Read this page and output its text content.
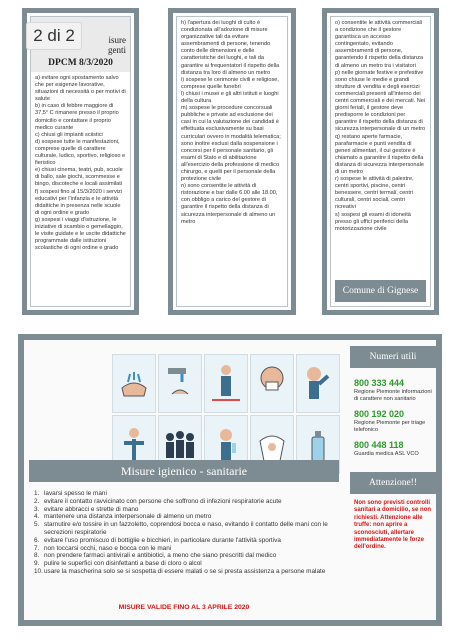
2 di 2	isure
genti
DPCM 8/3/2020
a) evitare ogni spostamento salvo che per esigenze lavorative, situazioni di necessità o per motivi di salute
b) in caso di febbre maggiore di 37,5° C rimanere presso il proprio domicilio e contattare il proprio medico curante
c) chiusi gli impianti sciistici
d) sospese tutte le manifestazioni, comprese quelle di carattere culturale, ludico, sportivo, religioso e fieristico
e) chiusi cinema, teatri, pub, scuole di ballo, sale giochi, scommesse e bingo, discoteche e locali assimilati
f) sospesi fino al 15/3/2020 i servizi educativi per l'infanzia e le attività didattiche in presenza nelle scuole di ogni ordine e grado
g) sospesi i viaggi d'istruzione, le iniziative di scambio o gemellaggio, le visite guidate e le uscite didattiche programmate dalle istituzioni scolastiche di ogni ordine e grado
h) l'apertura dei luoghi di culto è condizionata all'adozione di misure organizzative tali da evitare assembramenti di persone, tenendo conto delle dimensioni e delle caratteristiche dei luoghi, e tali da garantire ai frequentatori il rispetto della distanza tra loro di almeno un metro
i) sospese le cerimonie civili e religiose, comprese quelle funebri
l) chiusi i musei e gli altri istituti e luoghi della cultura
m) sospese le procedure concorsuali pubbliche e private ad esclusione dei casi in cui la valutazione dei candidati è effettuata esclusivamente su basi curriculari ovvero in modalità telematica; sono inoltre esclusi dalla sospensione i concorsi per il personale sanitario, gli esami di Stato e di abilitazione all'esercizio della professione di medico chirurgo, e quelli per il personale della protezione civile
n) sono consentite le attività di ristorazione e bar dalle 6.00 alle 18.00, con obbligo a carico del gestore di garantire il rispetto della distanza di sicurezza interpersonale di almeno un metro
o) consentite le attività commerciali a condizione che il gestore garantisca un accesso contingentato, evitando assembramenti di persone, garantendo il rispetto della distanza di almeno un metro tra i visitatori
p) nelle giornate festive e prefestive sono chiuse le medie e grandi strutture di vendita e degli esercizi commerciali presenti all'interno dei centri commerciali e dei mercati. Nei giorni feriali, il gestore deve predisporre le condizioni per garantire il rispetto della distanza di sicurezza interpersonale di un metro
q) restano aperte farmacie, parafarmacie e punti vendita di generi alimentari, il cui gestore è chiamato a garantire il rispetto della distanza di sicurezza interpersonale di un metro
r) sospese le attività di palestre, centri sportivi, piscine, centri benessere, centri termali, centri culturali, centri sociali, centri ricreativi
s) sospesi gli esami di idoneità presso gli uffici periferici della motorizzazione civile
Comune di Gignese
Misure igienico - sanitarie
1. lavarsi spesso le mani
2. evitare il contatto ravvicinato con persone che soffrono di infezioni respiratorie acute
3. evitare abbracci e strette di mano
4. mantenere una distanza interpersonale di almeno un metro
5. starnutire e/o tossire in un fazzoletto, coprendosi bocca e naso, evitando il contatto delle mani con le secrezioni respiratorie
6. evitare l'uso promiscuo di bottiglie e bicchieri, in particolare durante l'attività sportiva
7. non toccarsi occhi, naso e bocca con le mani
8. non prendere farmaci antivirali e antibiotici, a meno che siano prescritti dal medico
9. pulire le superfici con disinfettanti a base di cloro o alcol
10. usare la mascherina solo se si sospetta di essere malati o se si presta assistenza a persone malate
MISURE VALIDE FINO AL 3 APRILE 2020
Numeri utili
800 333 444
Regione Piemonte informazioni di carattere non sanitario
800 192 020
Regione Piemonte per triage telefonico
800 448 118
Guardia medica ASL VCO
Attenzione!!
Non sono previsti controlli sanitari a domicilio, se non richiesti. Attenzione alle truffe: non aprire a sconosciuti, allertare immediatamente le forze dell'ordine.
